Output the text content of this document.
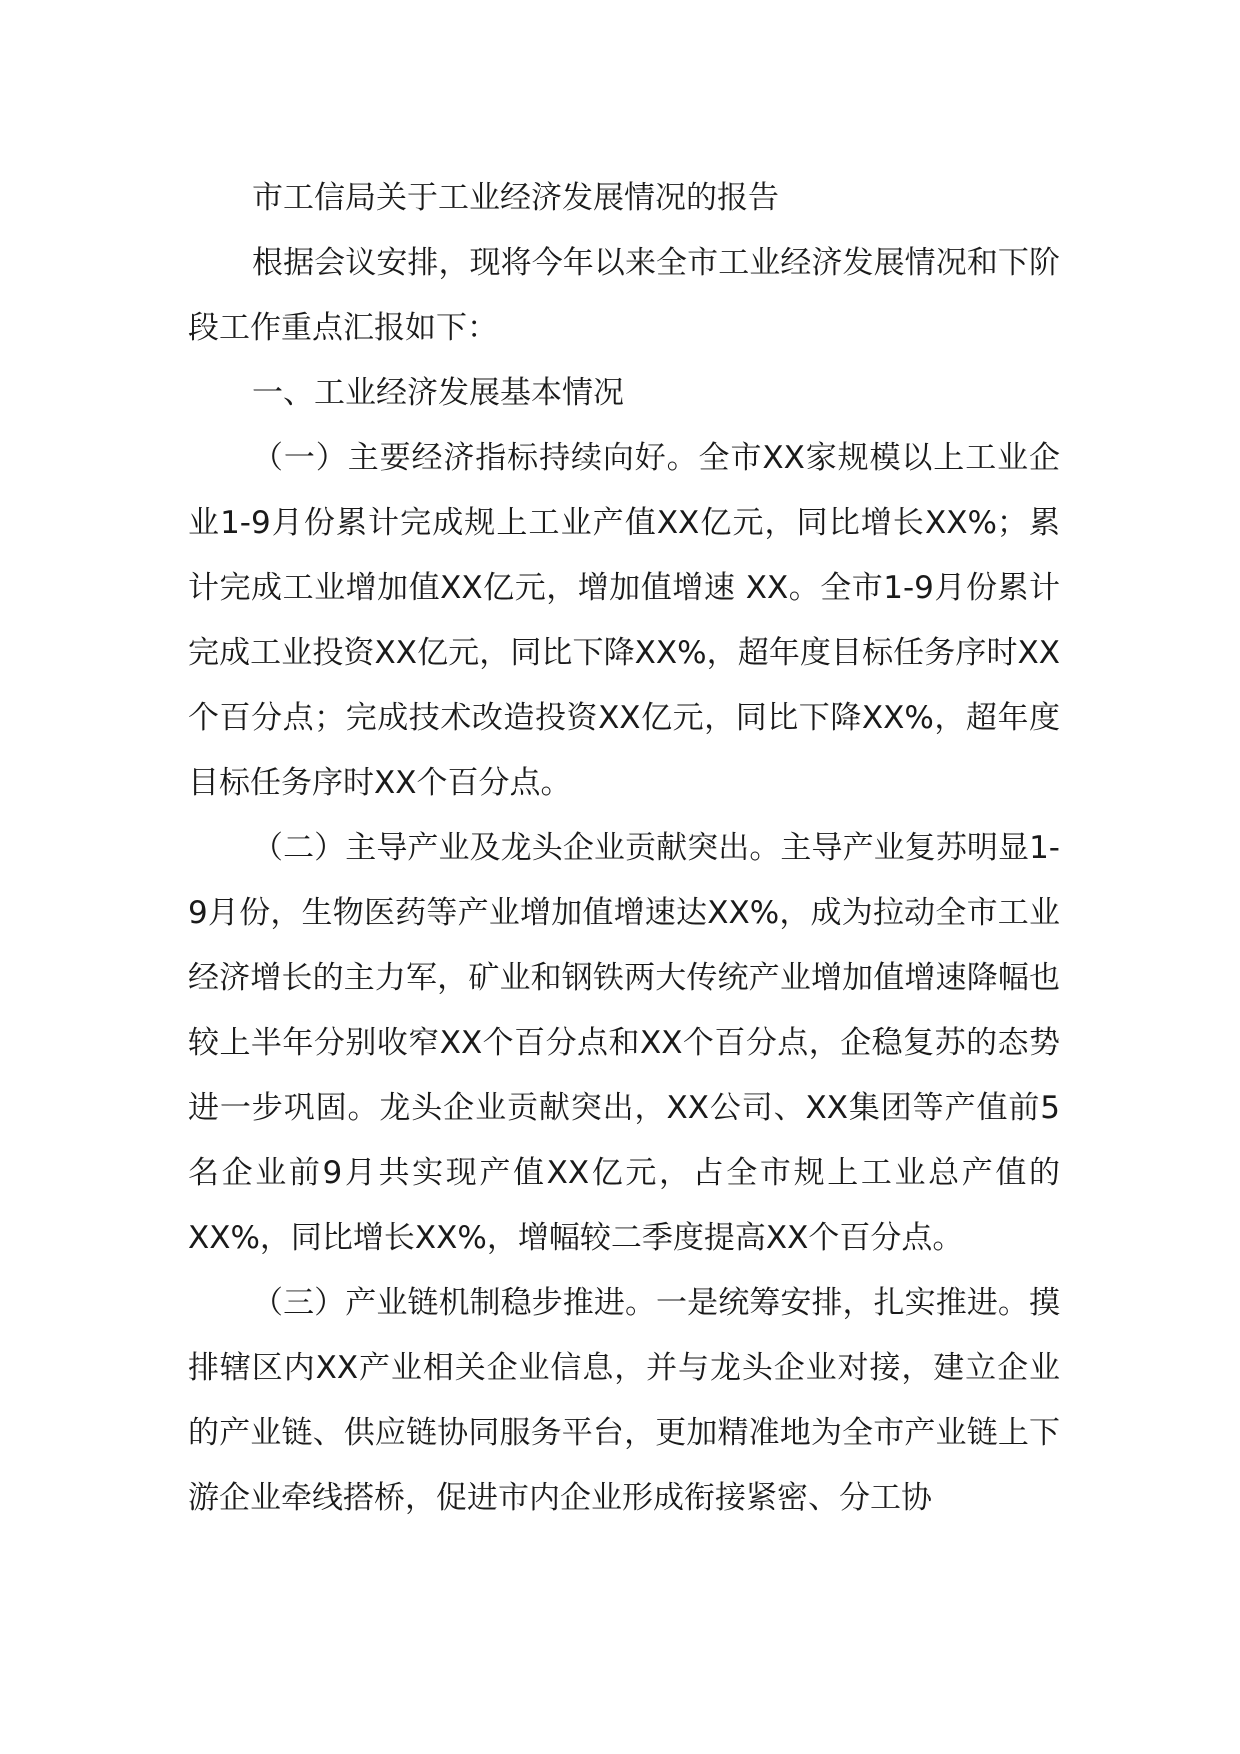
市工信局关于工业经济发展情况的报告

根据会议安排，现将今年以来全市工业经济发展情况和下阶段工作重点汇报如下：

一、工业经济发展基本情况

（一）主要经济指标持续向好。全市XX家规模以上工业企业1-9月份累计完成规上工业产值XX亿元，同比增长XX%；累计完成工业增加值XX亿元，增加值增速 XX。全市1-9月份累计完成工业投资XX亿元，同比下降XX%，超年度目标任务序时XX个百分点；完成技术改造投资XX亿元，同比下降XX%，超年度目标任务序时XX个百分点。

（二）主导产业及龙头企业贡献突出。主导产业复苏明显1-9月份，生物医药等产业增加值增速达XX%，成为拉动全市工业经济增长的主力军，矿业和钢铁两大传统产业增加值增速降幅也较上半年分别收窄XX个百分点和XX个百分点，企稳复苏的态势进一步巩固。龙头企业贡献突出，XX公司、XX集团等产值前5名企业前9月共实现产值XX亿元，占全市规上工业总产值的XX%，同比增长XX%，增幅较二季度提高XX个百分点。

（三）产业链机制稳步推进。一是统筹安排，扎实推进。摸排辖区内XX产业相关企业信息，并与龙头企业对接，建立企业的产业链、供应链协同服务平台，更加精准地为全市产业链上下游企业牵线搭桥，促进市内企业形成衔接紧密、分工协
